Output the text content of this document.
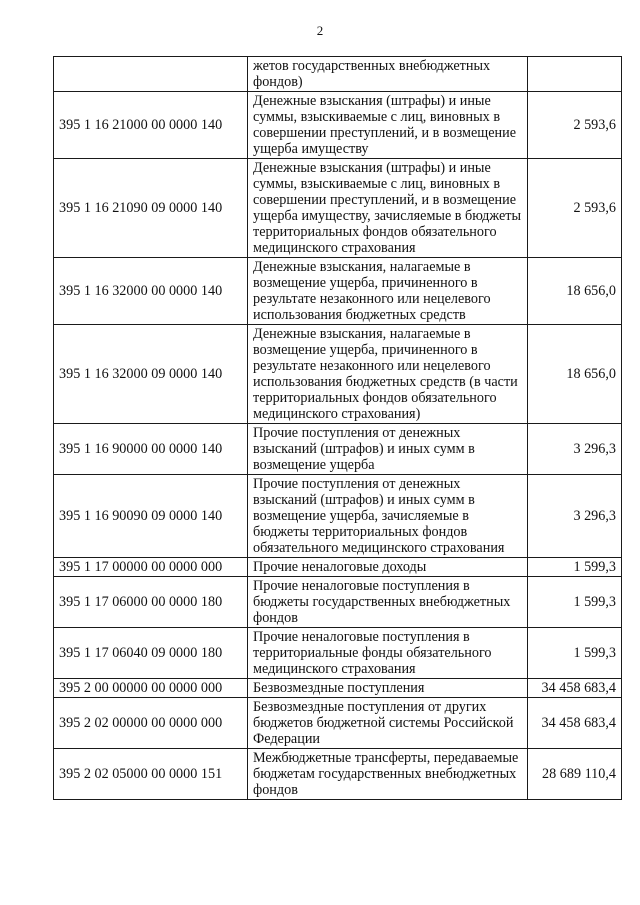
2
	жетов государственных внебюджетных фондов)	
395 1 16 21000 00 0000 140	Денежные взыскания (штрафы) и иные суммы, взыскиваемые с лиц, виновных в совершении преступлений, и в возмещение ущерба имуществу	2 593,6
395 1 16 21090 09 0000 140	Денежные взыскания (штрафы) и иные суммы, взыскиваемые с лиц, виновных в совершении преступлений, и в возмещение ущерба имуществу, зачисляемые в бюджеты территориальных фондов обязательного медицинского страхования	2 593,6
395 1 16 32000 00 0000 140	Денежные взыскания, налагаемые в возмещение ущерба, причиненного в результате незаконного или нецелевого использования бюджетных средств	18 656,0
395 1 16 32000 09 0000 140	Денежные взыскания, налагаемые в возмещение ущерба, причиненного в результате незаконного или нецелевого использования бюджетных средств (в части территориальных фондов обязательного медицинского страхования)	18 656,0
395 1 16 90000 00 0000 140	Прочие поступления от денежных взысканий (штрафов) и иных сумм в возмещение ущерба	3 296,3
395 1 16 90090 09 0000 140	Прочие поступления от денежных взысканий (штрафов) и иных сумм в возмещение ущерба, зачисляемые в бюджеты территориальных фондов обязательного медицинского страхования	3 296,3
395 1 17 00000 00 0000 000	Прочие неналоговые доходы	1 599,3
395 1 17 06000 00 0000 180	Прочие неналоговые поступления в бюджеты государственных внебюджетных фондов	1 599,3
395 1 17 06040 09 0000 180	Прочие неналоговые поступления в территориальные фонды обязательного медицинского страхования	1 599,3
395 2 00 00000 00 0000 000	Безвозмездные поступления	34 458 683,4
395 2 02 00000 00 0000 000	Безвозмездные поступления от других бюджетов бюджетной системы Российской Федерации	34 458 683,4
395 2 02 05000 00 0000 151	Межбюджетные трансферты, передаваемые бюджетам государственных внебюджетных фондов	28 689 110,4
